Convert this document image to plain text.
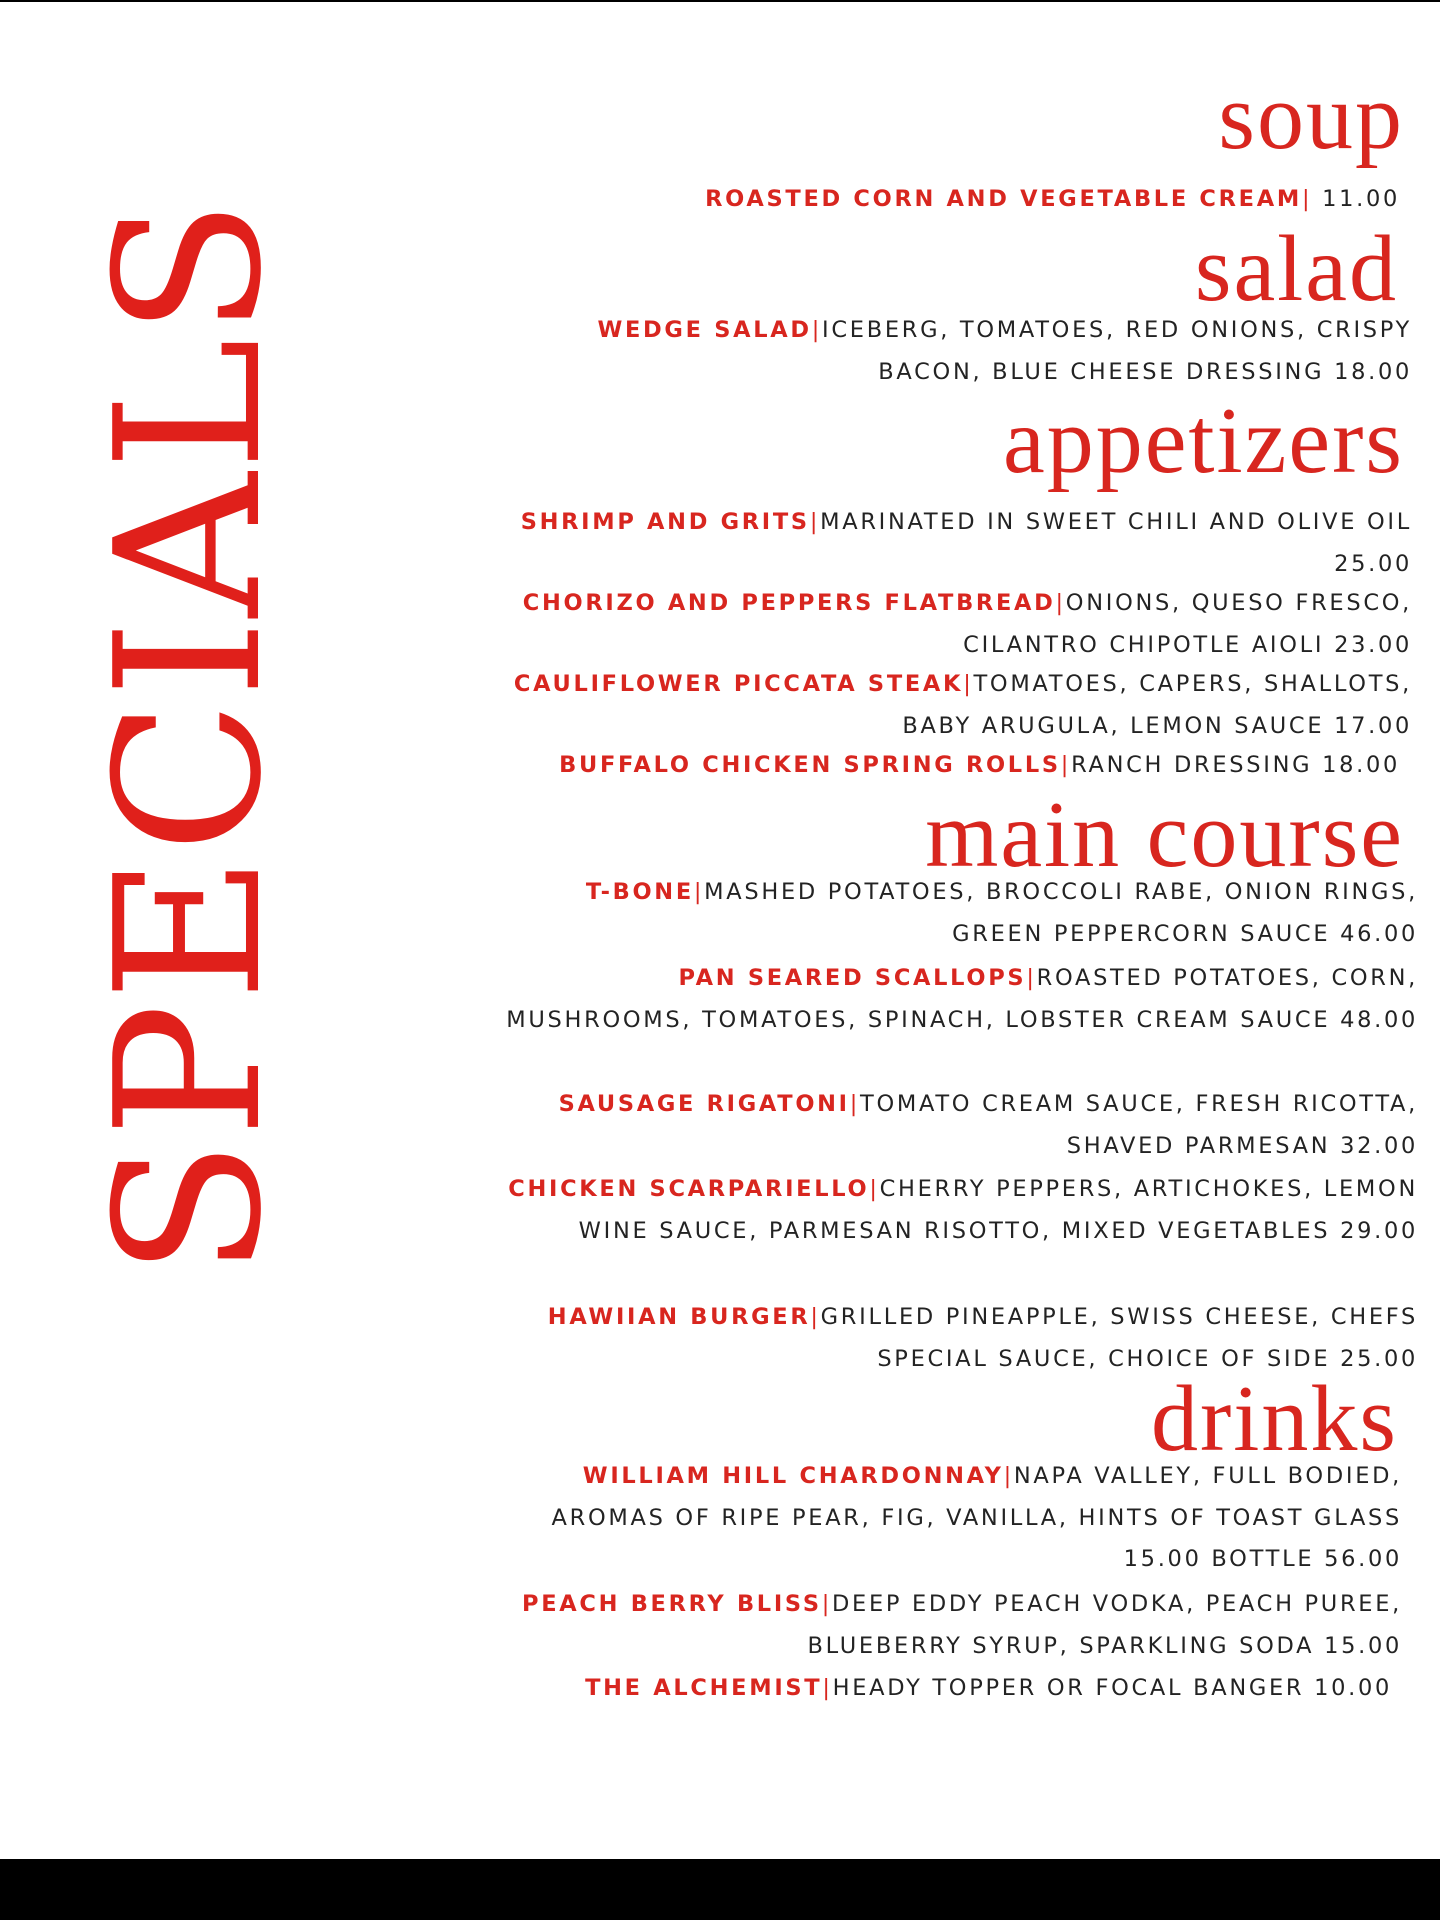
SPECIALS
soup
ROASTED CORN AND VEGETABLE CREAM| 11.00
salad
WEDGE SALAD|ICEBERG, TOMATOES, RED ONIONS, CRISPY BACON, BLUE CHEESE DRESSING 18.00
appetizers
SHRIMP AND GRITS|MARINATED IN SWEET CHILI AND OLIVE OIL 25.00
CHORIZO AND PEPPERS FLATBREAD|ONIONS, QUESO FRESCO, CILANTRO CHIPOTLE AIOLI 23.00
CAULIFLOWER PICCATA STEAK|TOMATOES, CAPERS, SHALLOTS, BABY ARUGULA, LEMON SAUCE 17.00
BUFFALO CHICKEN SPRING ROLLS|RANCH DRESSING 18.00
main course
T-BONE|MASHED POTATOES, BROCCOLI RABE, ONION RINGS, GREEN PEPPERCORN SAUCE 46.00
PAN SEARED SCALLOPS|ROASTED POTATOES, CORN, MUSHROOMS, TOMATOES, SPINACH, LOBSTER CREAM SAUCE 48.00
SAUSAGE RIGATONI|TOMATO CREAM SAUCE, FRESH RICOTTA, SHAVED PARMESAN 32.00
CHICKEN SCARPARIELLO|CHERRY PEPPERS, ARTICHOKES, LEMON WINE SAUCE, PARMESAN RISOTTO, MIXED VEGETABLES 29.00
HAWIIAN BURGER|GRILLED PINEAPPLE, SWISS CHEESE, CHEFS SPECIAL SAUCE, CHOICE OF SIDE 25.00
drinks
WILLIAM HILL CHARDONNAY|NAPA VALLEY, FULL BODIED, AROMAS OF RIPE PEAR, FIG, VANILLA, HINTS OF TOAST GLASS 15.00 BOTTLE 56.00
PEACH BERRY BLISS|DEEP EDDY PEACH VODKA, PEACH PUREE, BLUEBERRY SYRUP, SPARKLING SODA 15.00
THE ALCHEMIST|HEADY TOPPER OR FOCAL BANGER 10.00
